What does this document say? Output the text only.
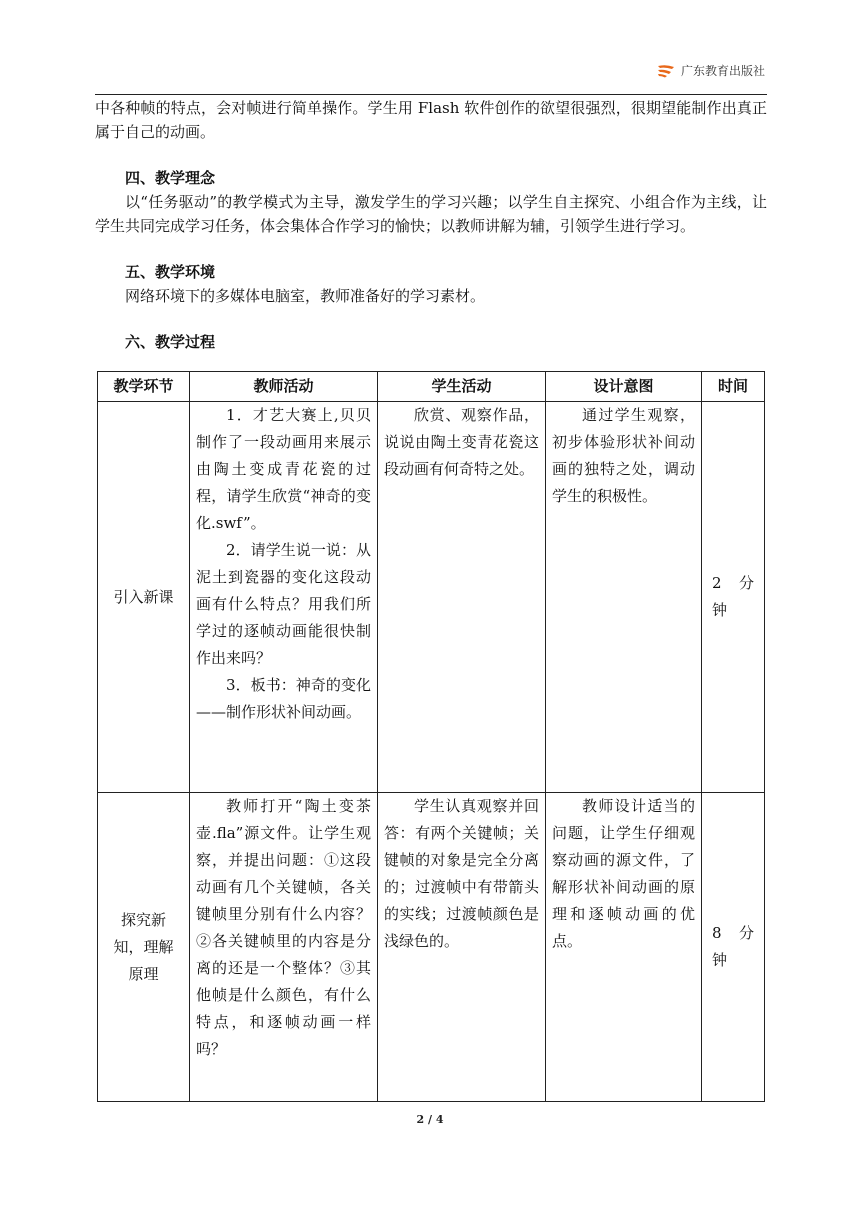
广东教育出版社

中各种帧的特点，会对帧进行简单操作。学生用 Flash 软件创作的欲望很强烈，很期望能制作出真正属于自己的动画。

四、教学理念

以“任务驱动”的教学模式为主导，激发学生的学习兴趣；以学生自主探究、小组合作为主线，让学生共同完成学习任务，体会集体合作学习的愉快；以教师讲解为辅，引领学生进行学习。

五、教学环境

网络环境下的多媒体电脑室，教师准备好的学习素材。

六、教学过程

教学环节	教师活动	学生活动	设计意图	时间
引入新课	1．才艺大赛上,贝贝制作了一段动画用来展示由陶土变成青花瓷的过程，请学生欣赏“神奇的变化.swf”。

2．请学生说一说：从泥土到瓷器的变化这段动画有什么特点？用我们所学过的逐帧动画能很快制作出来吗？

3．板书：神奇的变化——制作形状补间动画。	欣赏、观察作品，说说由陶土变青花瓷这段动画有何奇特之处。	通过学生观察，初步体验形状补间动画的独特之处，调动学生的积极性。	2 分钟

探究新知，理解原理	教师打开“陶土变茶壶.fla”源文件。让学生观察，并提出问题：①这段动画有几个关键帧，各关键帧里分别有什么内容？②各关键帧里的内容是分离的还是一个整体？③其他帧是什么颜色，有什么特点，和逐帧动画一样吗？	学生认真观察并回答：有两个关键帧；关键帧的对象是完全分离的；过渡帧中有带箭头的实线；过渡帧颜色是浅绿色的。	教师设计适当的问题，让学生仔细观察动画的源文件，了解形状补间动画的原理和逐帧动画的优点。	8 分钟
2 / 4
